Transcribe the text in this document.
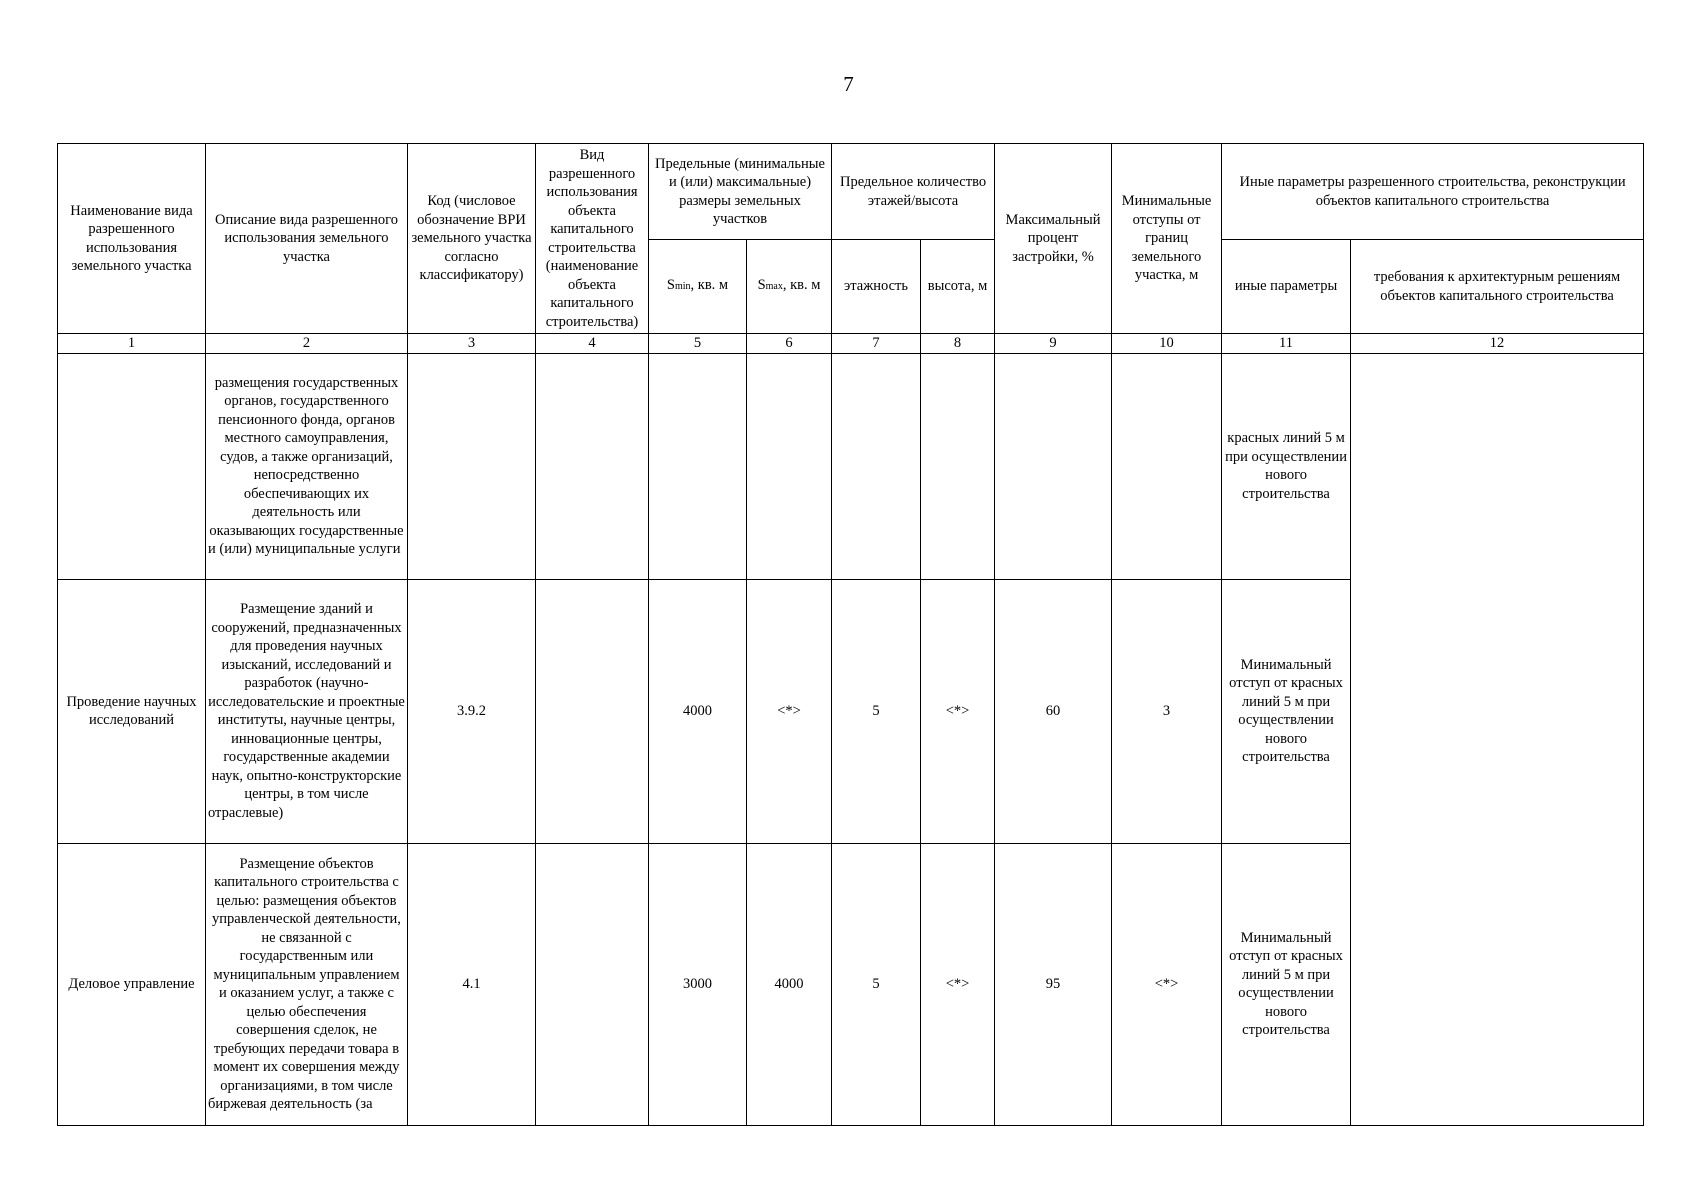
7
Наименование вида разрешенного использования земельного участка	Описание вида разрешенного использования земельного участка	Код (числовое обозначение ВРИ земельного участка согласно классификатору)	Вид разрешенного использования объекта капитального строительства (наименование объекта капитального строительства)	Предельные (минимальные и (или) максимальные) размеры земельных участков		Предельное количество этажей/высота		Максимальный процент застройки, %	Минимальные отступы от границ земельного участка, м	Иные параметры разрешенного строительства, реконструкции объектов капитального строительства	
				Smin, кв. м	Smax, кв. м	этажность	высота, м			иные параметры	требования к архитектурным решениям объектов капитального строительства
1	2	3	4	5	6	7	8	9	10	11	12
	размещения государственных органов, государственного пенсионного фонда, органов местного самоуправления, судов, а также организаций, непосредственно обеспечивающих их деятельность или оказывающих государственные и (или) муниципальные услуги									красных линий 5 м при осуществлении нового строительства	
Проведение научных исследований	Размещение зданий и сооружений, предназначенных для проведения научных изысканий, исследований и разработок (научно-исследовательские и проектные институты, научные центры, инновационные центры, государственные академии наук, опытно-конструкторские центры, в том числе отраслевые)	3.9.2		4000	<*>	5	<*>	60	3	Минимальный отступ от красных линий 5 м при осуществлении нового строительства	
Деловое управление	Размещение объектов капитального строительства с целью: размещения объектов управленческой деятельности, не связанной с государственным или муниципальным управлением и оказанием услуг, а также с целью обеспечения совершения сделок, не требующих передачи товара в момент их совершения между организациями, в том числе биржевая деятельность (за	4.1		3000	4000	5	<*>	95	<*>	Минимальный отступ от красных линий 5 м при осуществлении нового строительства	
